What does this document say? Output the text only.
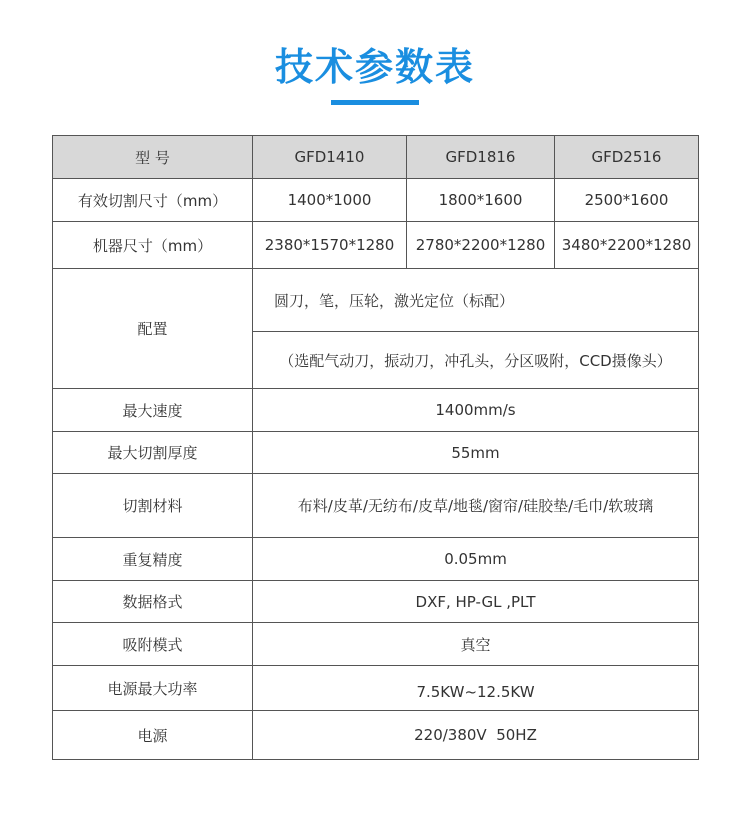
技术参数表
型 号	GFD1410	GFD1816	GFD2516
有效切割尺寸（mm）	1400*1000	1800*1600	2500*1600
机器尺寸（mm）	2380*1570*1280	2780*2200*1280	3480*2200*1280
配置	圆刀，笔，压轮，激光定位（标配）		
	（选配气动刀，振动刀，冲孔头，分区吸附，CCD摄像头）		
最大速度	1400mm/s		
最大切割厚度	55mm		
切割材料	布料/皮革/无纺布/皮草/地毯/窗帘/硅胶垫/毛巾/软玻璃		
重复精度	0.05mm		
数据格式	DXF, HP-GL ,PLT		
吸附模式	真空		
电源最大功率	7.5KW~12.5KW		
电源	220/380V  50HZ		
